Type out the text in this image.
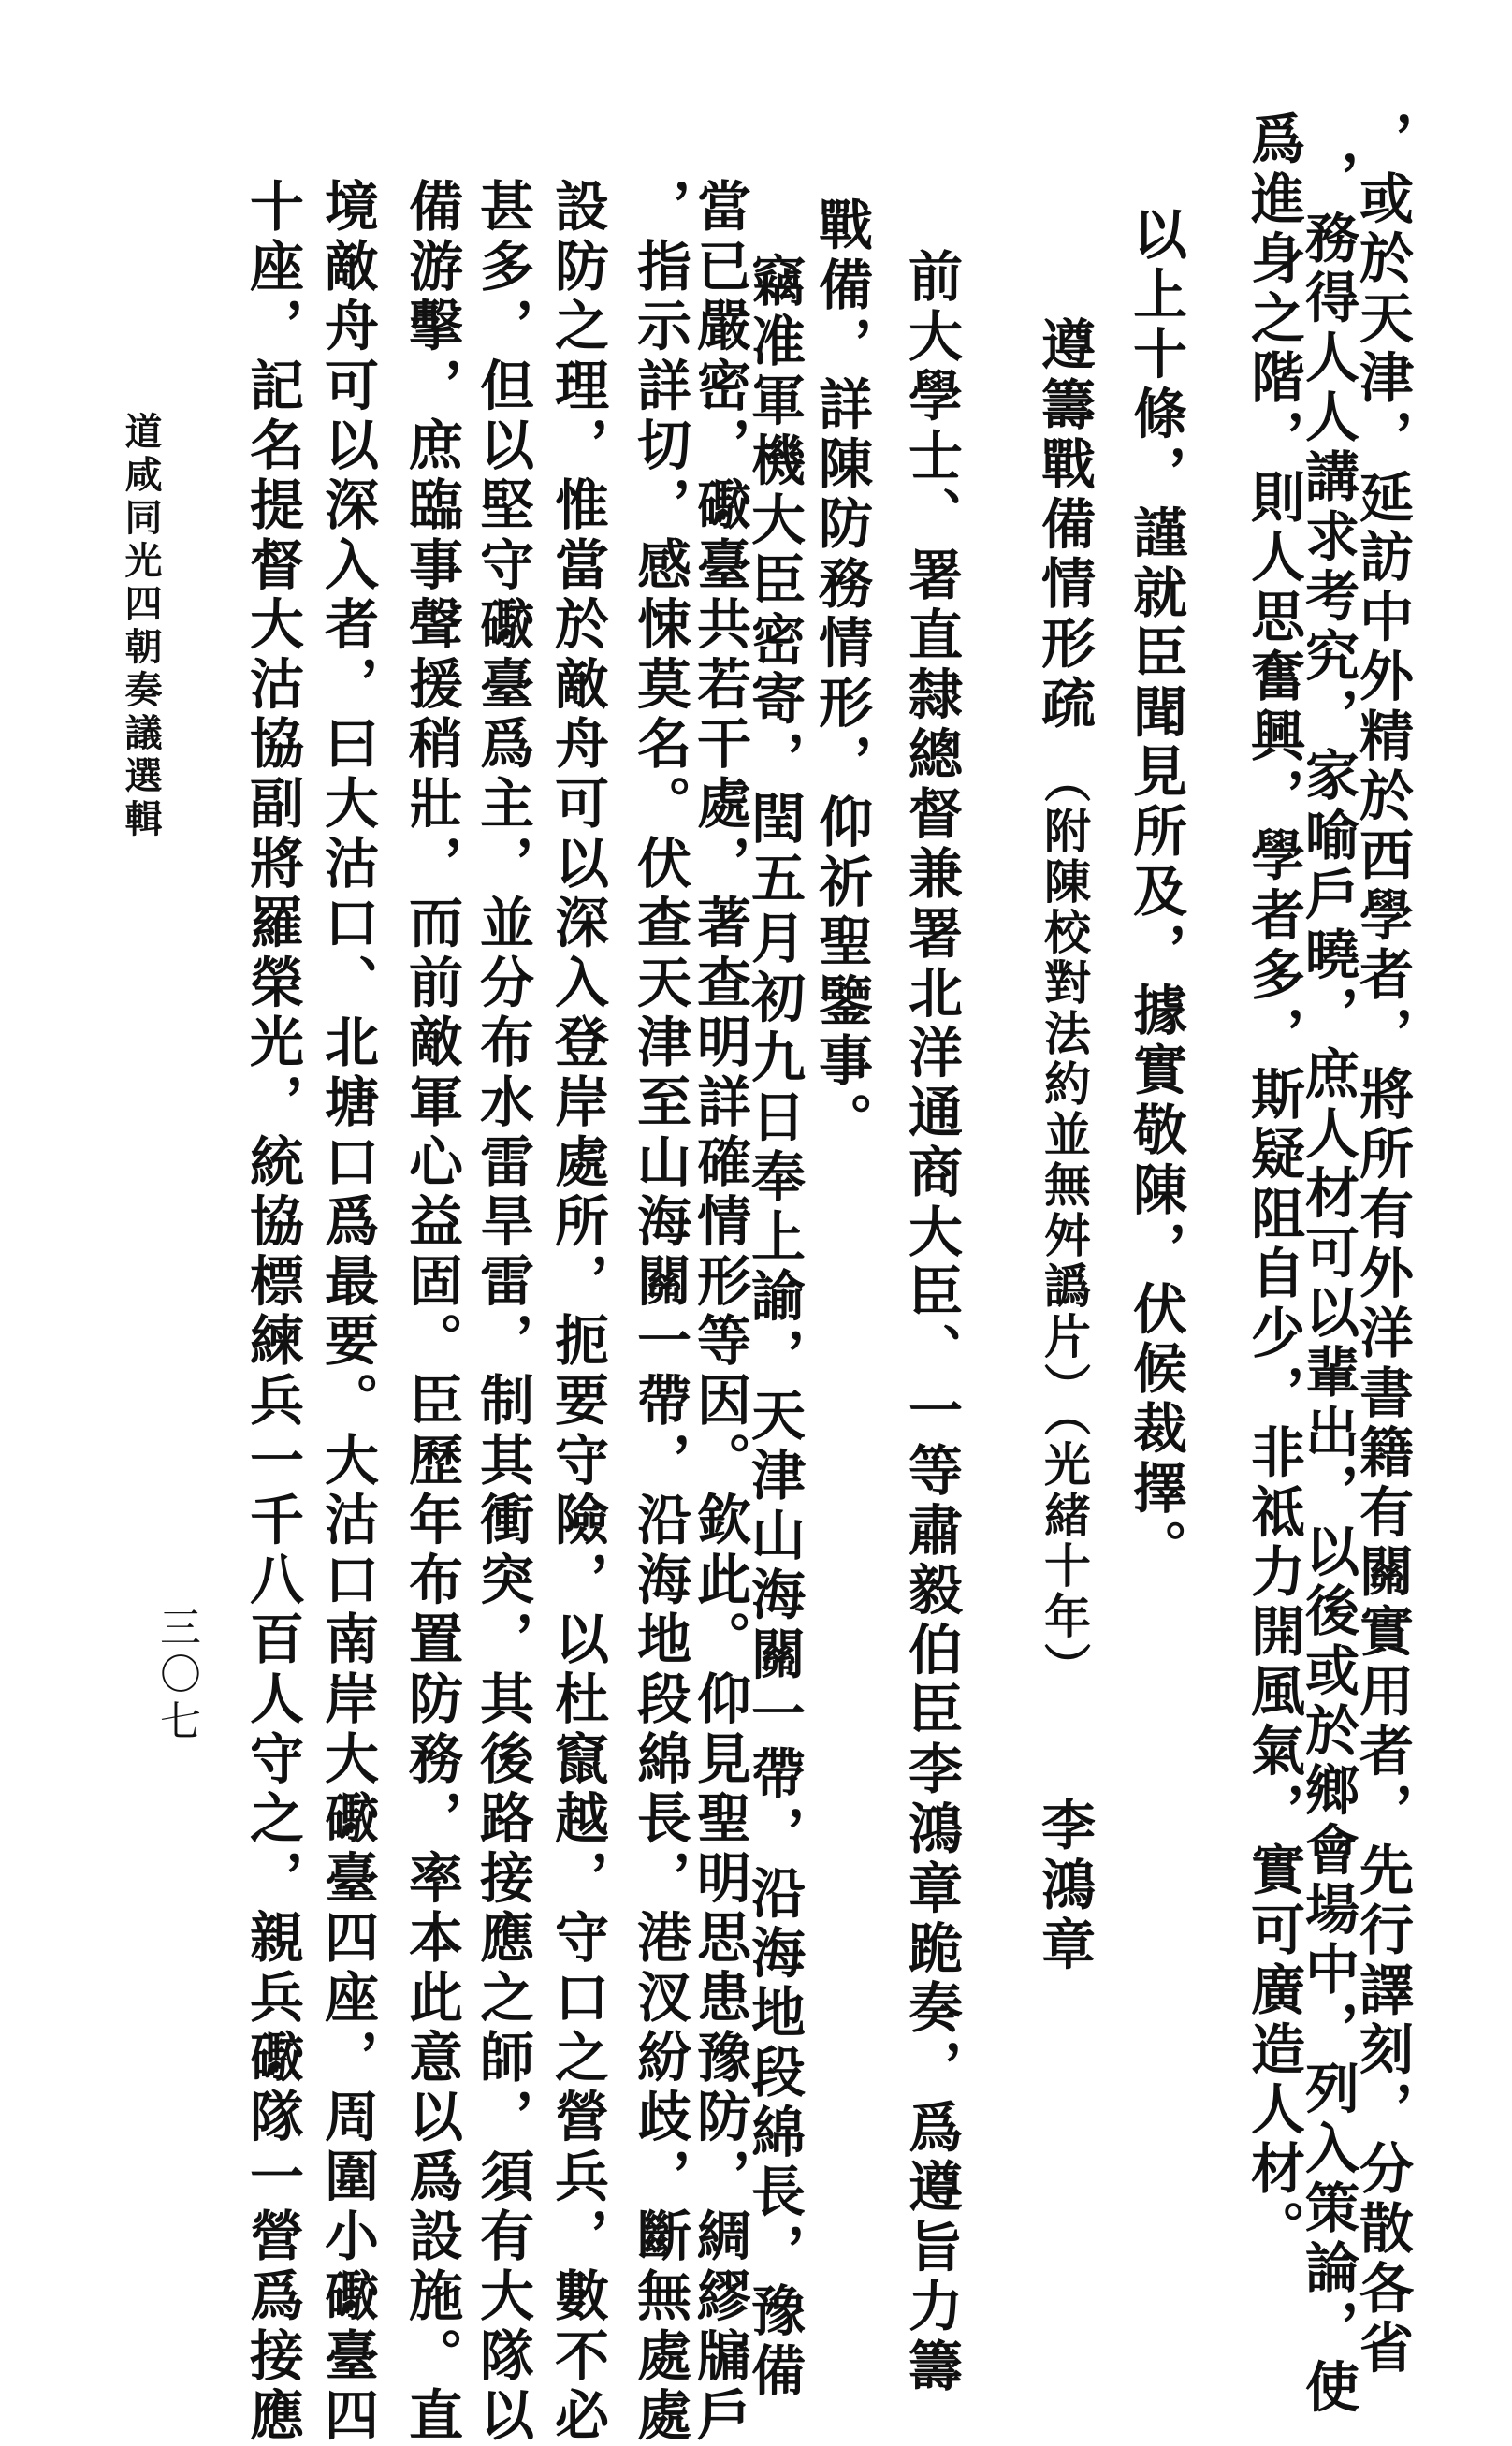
，或於天津，延訪中外精於西學者，將所有外洋書籍有關實用者，先行譯刻，分散各省
，務得人人講求考究，家喻戶曉，庶人材可以輩出，以後或於鄉會場中，列入策論，使
爲進身之階，則人思奮興，學者多，斯疑阻自少，非祗力開風氣，實可廣造人材。
以上十條，謹就臣聞見所及，據實敬陳，伏候裁擇。
遵籌戰備情形疏
（附陳校對法約並無舛譌片）（光緒十年）
李鴻章
前大學士、署直隸總督兼署北洋通商大臣、一等肅毅伯臣李鴻章跪奏，爲遵旨力籌
戰備，詳陳防務情形，仰祈聖鑒事。
竊准軍機大臣密寄，閏五月初九日奉上諭，天津山海關一帶，沿海地段綿長，豫備
當已嚴密，礮臺共若干處，著查明詳確情形等因。欽此。仰見聖明思患豫防，綢繆牖戶
，指示詳切，感悚莫名。伏查天津至山海關一帶，沿海地段綿長，港汊紛歧，斷無處處
設防之理，惟當於敵舟可以深入登岸處所，扼要守險，以杜竄越，守口之營兵，數不必
甚多，但以堅守礮臺爲主，並分布水雷旱雷，制其衝突，其後路接應之師，須有大隊以
備游擊，庶臨事聲援稍壯，而前敵軍心益固。臣歷年布置防務，率本此意以爲設施。直
境敵舟可以深入者，曰大沽口、北塘口爲最要。大沽口南岸大礮臺四座，周圍小礮臺四
十座，記名提督大沽協副將羅榮光，統協標練兵一千八百人守之，親兵礮隊一營爲接應
三〇七
道咸同光四朝奏議選輯
